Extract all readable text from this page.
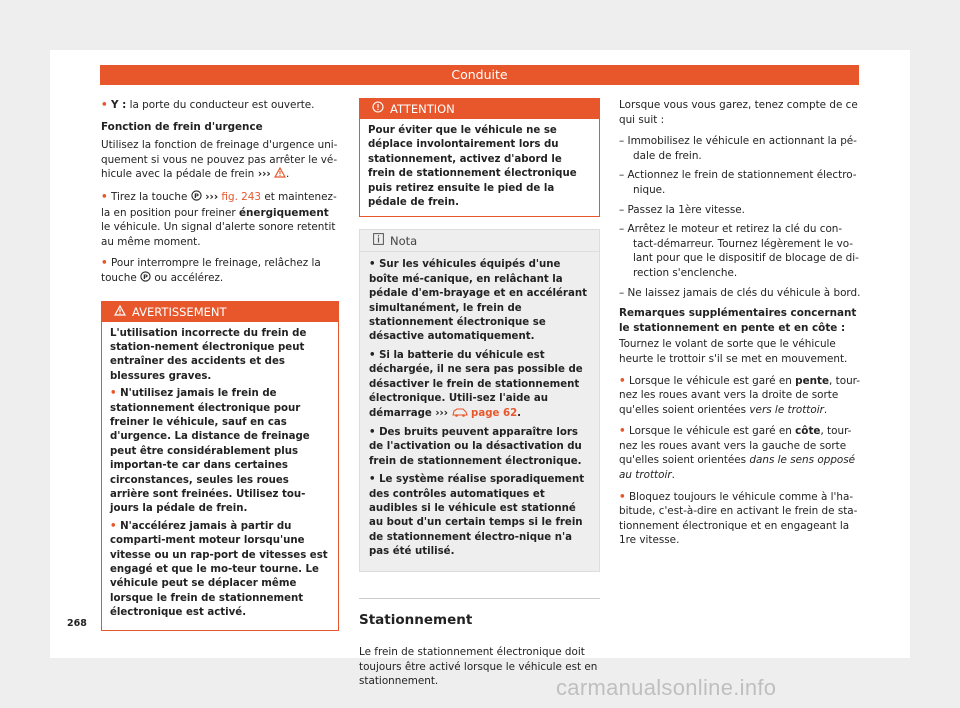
Conduite

• Y : la porte du conducteur est ouverte.

Fonction de frein d'urgence

Utilisez la fonction de freinage d'urgence uni-quement si vous ne pouvez pas arrêter le vé-hicule avec la pédale de frein ››› .

• Tirez la touche P ››› fig. 243 et maintenez-la en position pour freiner énergiquement le véhicule. Un signal d'alerte sonore retentit au même moment.

• Pour interrompre le freinage, relâchez la touche P ou accélérez.

AVERTISSEMENT

L'utilisation incorrecte du frein de station-nement électronique peut entraîner des accidents et des blessures graves.

• N'utilisez jamais le frein de stationnement électronique pour freiner le véhicule, sauf en cas d'urgence. La distance de freinage peut être considérablement plus importan-te car dans certaines circonstances, seules les roues arrière sont freinées. Utilisez tou-jours la pédale de frein.

• N'accélérez jamais à partir du comparti-ment moteur lorsqu'une vitesse ou un rap-port de vitesses est engagé et que le mo-teur tourne. Le véhicule peut se déplacer même lorsque le frein de stationnement électronique est activé.

ATTENTION
Pour éviter que le véhicule ne se déplace involontairement lors du stationnement, activez d'abord le frein de stationnement électronique puis retirez ensuite le pied de la pédale de frein.
Nota

• Sur les véhicules équipés d'une boîte mé-canique, en relâchant la pédale d'em-brayage et en accélérant simultanément, le frein de stationnement électronique se désactive automatiquement.

• Si la batterie du véhicule est déchargée, il ne sera pas possible de désactiver le frein de stationnement électronique. Utili-sez l'aide au démarrage ›››  page 62.

• Des bruits peuvent apparaître lors de l'activation ou la désactivation du frein de stationnement électronique.

• Le système réalise sporadiquement des contrôles automatiques et audibles si le véhicule est stationné au bout d'un certain temps si le frein de stationnement électro-nique n'a pas été utilisé.

Stationnement

Le frein de stationnement électronique doit toujours être activé lorsque le véhicule est en stationnement.

Lorsque vous vous garez, tenez compte de ce qui suit :

– Immobilisez le véhicule en actionnant la pé-dale de frein.

– Actionnez le frein de stationnement électro-nique.

– Passez la 1ère vitesse.

– Arrêtez le moteur et retirez la clé du con-tact-démarreur. Tournez légèrement le vo-lant pour que le dispositif de blocage de di-rection s'enclenche.

– Ne laissez jamais de clés du véhicule à bord.

Remarques supplémentaires concernant le stationnement en pente et en côte :

Tournez le volant de sorte que le véhicule heurte le trottoir s'il se met en mouvement.

• Lorsque le véhicule est garé en pente, tour-nez les roues avant vers la droite de sorte qu'elles soient orientées vers le trottoir.

• Lorsque le véhicule est garé en côte, tour-nez les roues avant vers la gauche de sorte qu'elles soient orientées dans le sens opposé au trottoir.

• Bloquez toujours le véhicule comme à l'ha-bitude, c'est-à-dire en activant le frein de sta-tionnement électronique et en engageant la 1re vitesse.

268
carmanualsonline.info
